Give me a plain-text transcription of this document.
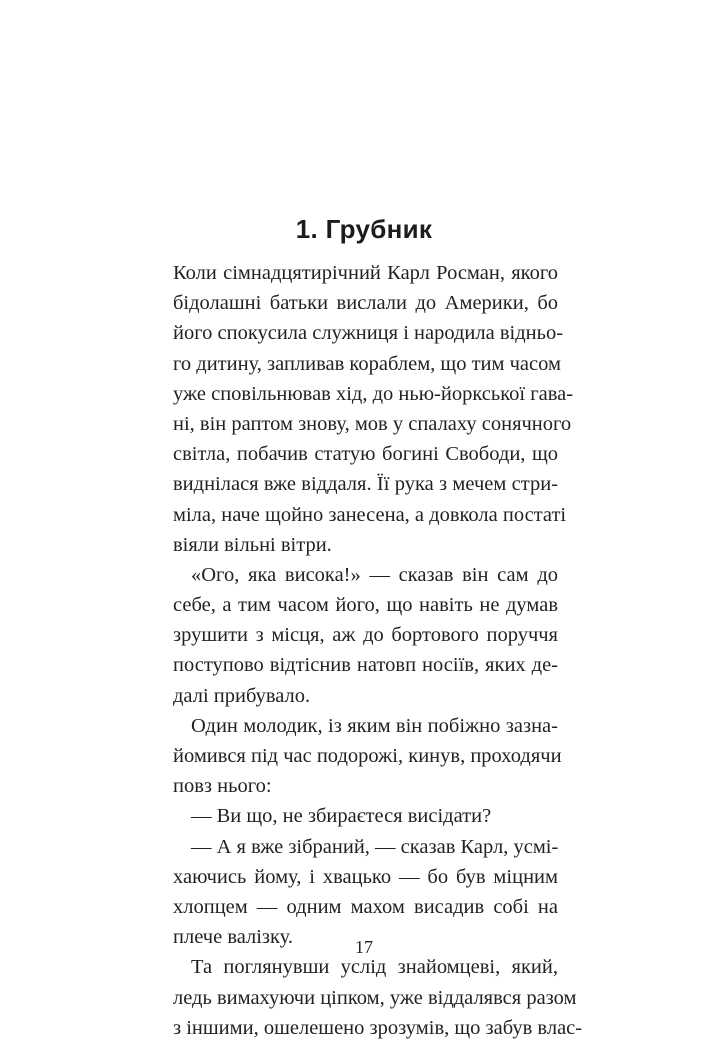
1. Грубник
Коли сімнадцятирічний Карл Росман, якого
бідолашні батьки вислали до Америки, бо
його спокусила служниця і народила відньо-
го дитину, запливав кораблем, що тим часом
уже сповільнював хід, до нью-йоркської гава-
ні, він раптом знову, мов у спалаху сонячного
світла, побачив статую богині Свободи, що
виднілася вже віддаля. Її рука з мечем стри-
міла, наче щойно занесена, а довкола постаті
віяли вільні вітри.
«Ого, яка висока!» — сказав він сам до
себе, а тим часом його, що навіть не думав
зрушити з місця, аж до бортового поруччя
поступово відтіснив натовп носіїв, яких де-
далі прибувало.
Один молодик, із яким він побіжно зазна-
йомився під час подорожі, кинув, проходячи
повз нього:
— Ви що, не збираєтеся висідати?
— А я вже зібраний, — сказав Карл, усмі-
хаючись йому, і хвацько — бо був міцним
хлопцем — одним махом висадив собі на
плече валізку.
Та поглянувши услід знайомцеві, який,
ледь вимахуючи ціпком, уже віддалявся разом
з іншими, ошелешено зрозумів, що забув влас-
17
